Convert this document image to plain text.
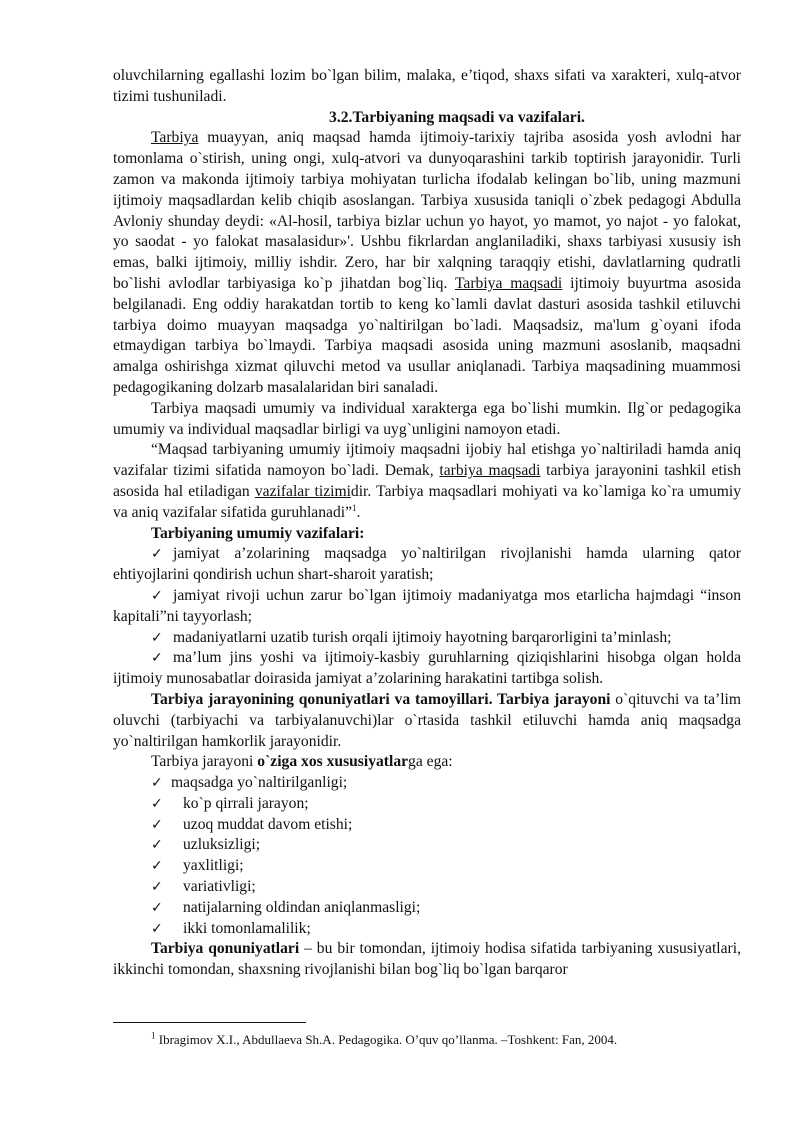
oluvchilarning egallashi lozim bo`lgan bilim, malaka, e’tiqod, shaxs sifati va xarakteri, xulq-atvor tizimi tushuniladi.

3.2.Tarbiyaning maqsadi va vazifalari.

Tarbiya muayyan, aniq maqsad hamda ijtimoiy-tarixiy tajriba asosida yosh avlodni har tomonlama o`stirish, uning ongi, xulq-atvori va dunyoqarashini tarkib toptirish jarayonidir. Turli zamon va makonda ijtimoiy tarbiya mohiyatan turlicha ifodalab kelingan bo`lib, uning mazmuni ijtimoiy maqsadlardan kelib chiqib asoslangan. Tarbiya xususida taniqli o`zbek pedagogi Abdulla Avloniy shunday deydi: «Al-hosil, tarbiya bizlar uchun yo hayot, yo mamot, yo najot - yo falokat, yo saodat - yo falokat masalasidur»'. Ushbu fikrlardan anglaniladiki, shaxs tarbiyasi xususiy ish emas, balki ijtimoiy, milliy ishdir. Zero, har bir xalqning taraqqiy etishi, davlatlarning qudratli bo`lishi avlodlar tarbiyasiga ko`p jihatdan bog`liq. Tarbiya maqsadi ijtimoiy buyurtma asosida belgilanadi. Eng oddiy harakatdan tortib to keng ko`lamli davlat dasturi asosida tashkil etiluvchi tarbiya doimo muayyan maqsadga yo`naltirilgan bo`ladi. Maqsadsiz, ma'lum g`oyani ifoda etmaydigan tarbiya bo`lmaydi. Tarbiya maqsadi asosida uning mazmuni asoslanib, maqsadni amalga oshirishga xizmat qiluvchi metod va usullar aniqlanadi. Tarbiya maqsadining muammosi pedagogikaning dolzarb masalalaridan biri sanaladi.

Tarbiya maqsadi umumiy va individual xarakterga ega bo`lishi mumkin. Ilg`or pedagogika umumiy va individual maqsadlar birligi va uyg`unligini namoyon etadi.

“Maqsad tarbiyaning umumiy ijtimoiy maqsadni ijobiy hal etishga yo`naltiriladi hamda aniq vazifalar tizimi sifatida namoyon bo`ladi. Demak, tarbiya maqsadi tarbiya jarayonini tashkil etish asosida hal etiladigan vazifalar tizimidir. Tarbiya maqsadlari mohiyati va ko`lamiga ko`ra umumiy va aniq vazifalar sifatida guruhlanadi”$^1$.

Tarbiyaning umumiy vazifalari:

✓ jamiyat a’zolarining maqsadga yo`naltirilgan rivojlanishi hamda ularning qator ehtiyojlarini qondirish uchun shart-sharoit yaratish;

✓ jamiyat rivoji uchun zarur bo`lgan ijtimoiy madaniyatga mos etarlicha hajmdagi “inson kapitali”ni tayyorlash;

✓ madaniyatlarni uzatib turish orqali ijtimoiy hayotning barqarorligini ta’minlash;

✓ ma’lum jins yoshi va ijtimoiy-kasbiy guruhlarning qiziqishlarini hisobga olgan holda ijtimoiy munosabatlar doirasida jamiyat a’zolarining harakatini tartibga solish.

Tarbiya jarayonining qonuniyatlari va tamoyillari. Tarbiya jarayoni o`qituvchi va ta’lim oluvchi (tarbiyachi va tarbiyalanuvchi)lar o`rtasida tashkil etiluvchi hamda aniq maqsadga yo`naltirilgan hamkorlik jarayonidir.

Tarbiya jarayoni o`ziga xos xususiyatlarga ega:

✓ maqsadga yo`naltirilganligi;

✓ ko`p qirrali jarayon;

✓ uzoq muddat davom etishi;

✓ uzluksizligi;

✓ yaxlitligi;

✓ variativligi;

✓ natijalarning oldindan aniqlanmasligi;

✓ ikki tomonlamalilik;

Tarbiya qonuniyatlari – bu bir tomondan, ijtimoiy hodisa sifatida tarbiyaning xususiyatlari, ikkinchi tomondan, shaxsning rivojlanishi bilan bog`liq bo`lgan barqaror

$^1$ Ibragimov X.I., Abdullaeva Sh.A. Pedagogika. O’quv qo’llanma. –Toshkent: Fan, 2004.
